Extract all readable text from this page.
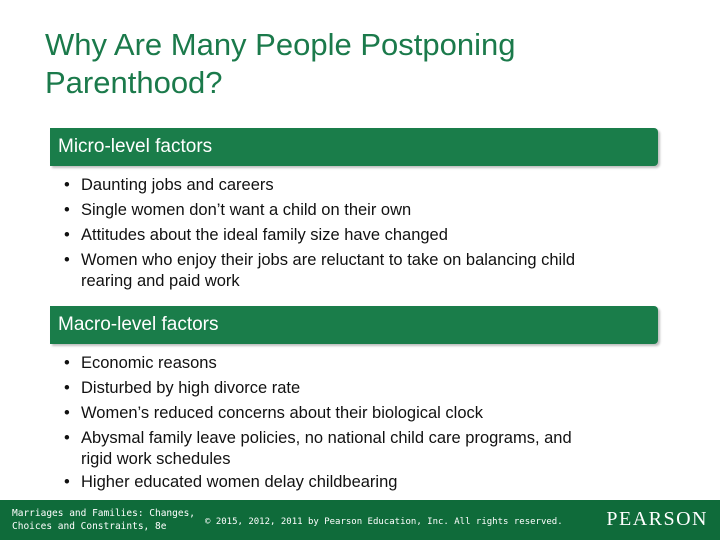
Why Are Many People Postponing Parenthood?
Micro-level factors
• Daunting jobs and careers
• Single women don’t want a child on their own
• Attitudes about the ideal family size have changed
• Women who enjoy their jobs are reluctant to take on balancing child
rearing and paid work
Macro-level factors
• Economic reasons
• Disturbed by high divorce rate
• Women’s reduced concerns about their biological clock
• Abysmal family leave policies, no national child care programs, and
rigid work schedules
• Higher educated women delay childbearing
Marriages and Families: Changes,
Choices and Constraints, 8e	© 2015, 2012, 2011 by Pearson Education, Inc. All rights reserved.	PEARSON
